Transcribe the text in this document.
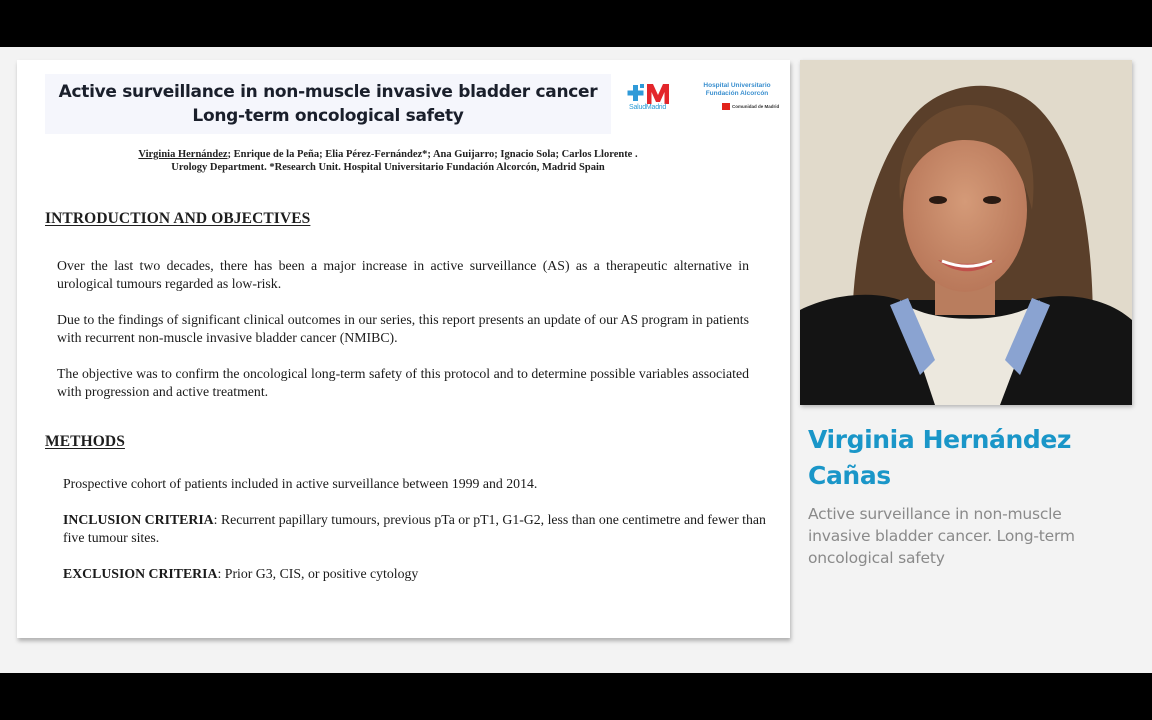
Active surveillance in non-muscle invasive bladder cancer
Long-term oncological safety	SaludMadrid
Hospital Universitario
Fundación Alcorcón
Comunidad de Madrid
Virginia Hernández; Enrique de la Peña; Elia Pérez-Fernández*; Ana Guijarro; Ignacio Sola; Carlos Llorente .
Urology Department. *Research Unit. Hospital Universitario Fundación Alcorcón, Madrid Spain
INTRODUCTION AND OBJECTIVES

Over the last two decades, there has been a major increase in active surveillance (AS) as a therapeutic alternative in urological tumours regarded as low-risk.

Due to the findings of significant clinical outcomes in our series, this report presents an update of our AS program in patients with recurrent non-muscle invasive bladder cancer (NMIBC).

The objective was to confirm the oncological long-term safety of this protocol and to determine possible variables associated with progression and active treatment.

METHODS

Prospective cohort of patients included in active surveillance between 1999 and 2014.

INCLUSION CRITERIA: Recurrent papillary tumours, previous pTa or pT1, G1-G2, less than one centimetre and fewer than five tumour sites.

EXCLUSION CRITERIA: Prior G3, CIS, or positive cytology

Virginia Hernández Cañas
Active surveillance in non-muscle invasive bladder cancer. Long-term oncological safety
